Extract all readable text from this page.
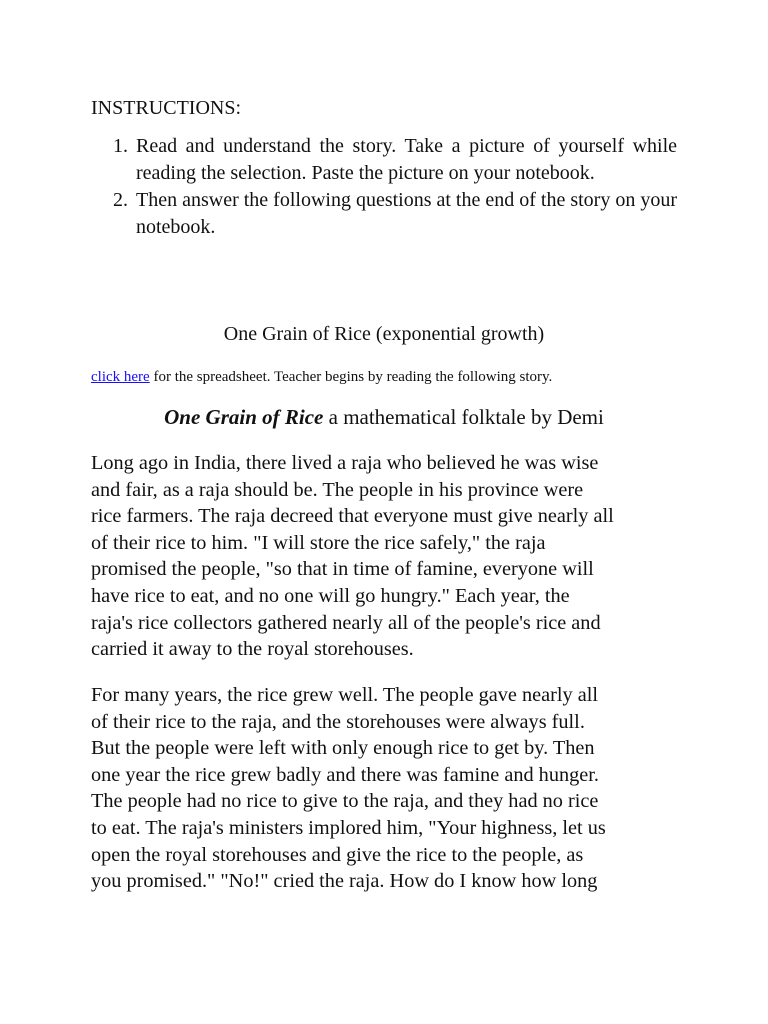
INSTRUCTIONS:
1. Read and understand the story. Take a picture of yourself while reading the selection. Paste the picture on your notebook.
2. Then answer the following questions at the end of the story on your notebook.
One Grain of Rice (exponential growth)

click here for the spreadsheet. Teacher begins by reading the following story.

One Grain of Rice a mathematical folktale by Demi

Long ago in India, there lived a raja who believed he was wise
and fair, as a raja should be. The people in his province were
rice farmers. The raja decreed that everyone must give nearly all
of their rice to him. "I will store the rice safely," the raja
promised the people, "so that in time of famine, everyone will
have rice to eat, and no one will go hungry." Each year, the
raja's rice collectors gathered nearly all of the people's rice and
carried it away to the royal storehouses.

For many years, the rice grew well. The people gave nearly all
of their rice to the raja, and the storehouses were always full.
But the people were left with only enough rice to get by. Then
one year the rice grew badly and there was famine and hunger.
The people had no rice to give to the raja, and they had no rice
to eat. The raja's ministers implored him, "Your highness, let us
open the royal storehouses and give the rice to the people, as
you promised." "No!" cried the raja. How do I know how long
